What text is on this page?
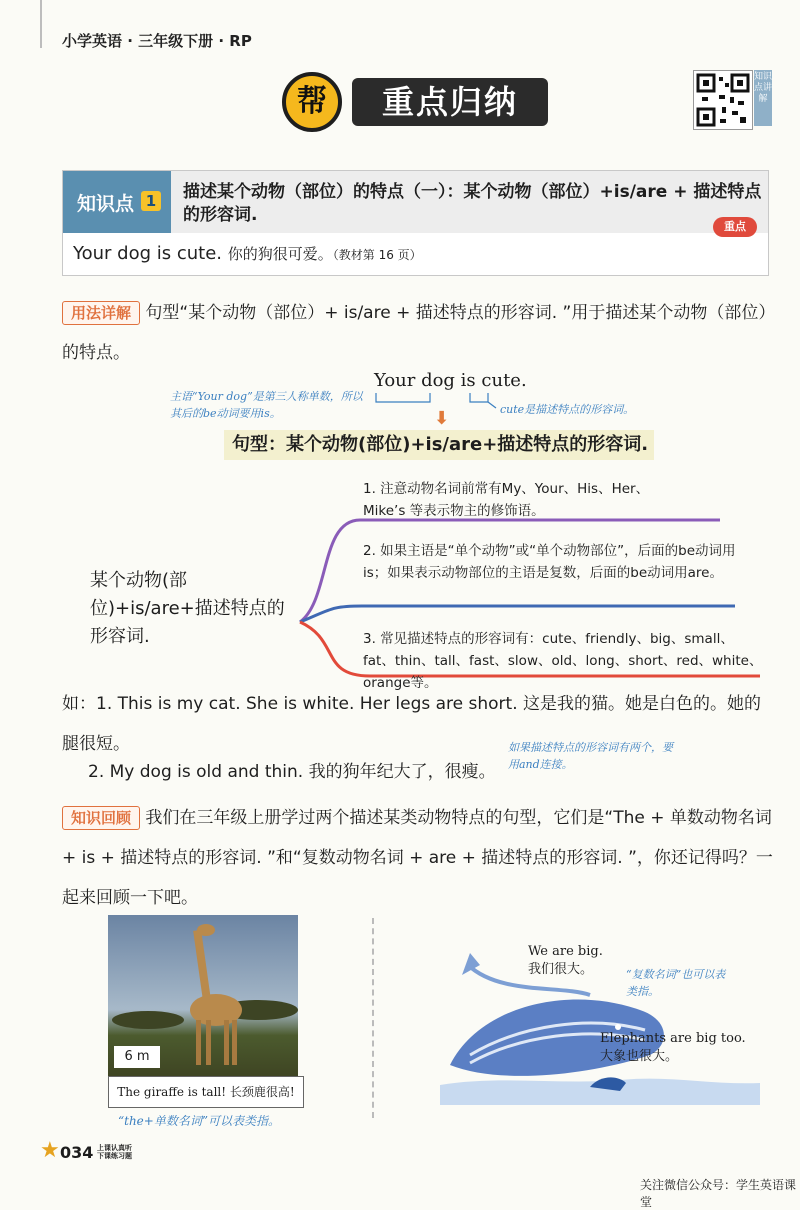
小学英语 · 三年级下册 · RP
帮	重点归纳
知识点讲解
知识点 1 描述某个动物（部位）的特点（一）：某个动物（部位）+is/are + 描述特点的形容词.
重点
Your dog is cute. 你的狗很可爱。（教材第 16 页）
用法详解 句型“某个动物（部位）+ is/are + 描述特点的形容词. ”用于描述某个动物（部位）的特点。
Your dog is cute.
主语“Your dog”是第三人称单数，所以其后的be动词要用is。	cute是描述特点的形容词。
⬇
句型：某个动物(部位)+is/are+描述特点的形容词.
某个动物(部位)+is/are+描述特点的形容词.
1. 注意动物名词前常有My、Your、His、Her、Mike’s 等表示物主的修饰语。
2. 如果主语是“单个动物”或“单个动物部位”，后面的be动词用is；如果表示动物部位的主语是复数，后面的be动词用are。
3. 常见描述特点的形容词有：cute、friendly、big、small、fat、thin、tall、fast、slow、old、long、short、red、white、orange等。
如：1. This is my cat. She is white. Her legs are short. 这是我的猫。她是白色的。她的腿很短。
2. My dog is old and thin. 我的狗年纪大了，很瘦。
如果描述特点的形容词有两个，要用and连接。
知识回顾 我们在三年级上册学过两个描述某类动物特点的句型，它们是“The + 单数动物名词 + is + 描述特点的形容词. ”和“复数动物名词 + are + 描述特点的形容词. ”，你还记得吗？一起来回顾一下吧。
6 m
The giraffe is tall! 长颈鹿很高!
“the+单数名词”可以表类指。
We are big.
我们很大。	“复数名词”也可以表类指。
Elephants are big too.
大象也很大。
★ 034 上课认真听 下课练习题
关注微信公众号：学生英语课堂
